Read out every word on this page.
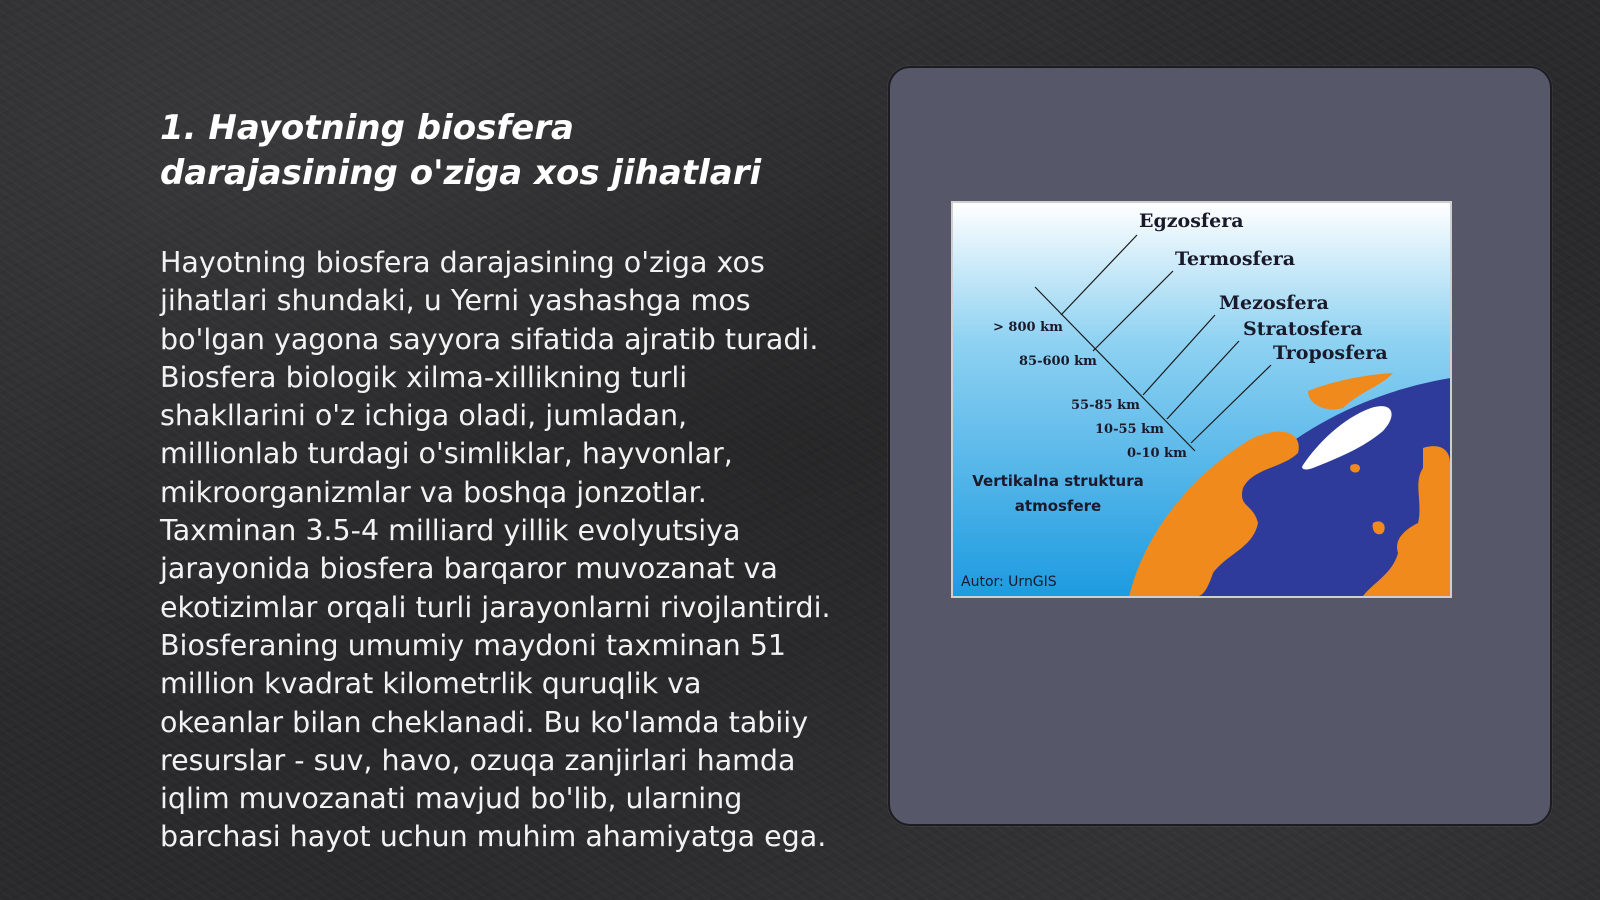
1. Hayotning biosfera darajasining o'ziga xos jihatlari

Hayotning biosfera darajasining o'ziga xos jihatlari shundaki, u Yerni yashashga mos bo'lgan yagona sayyora sifatida ajratib turadi. Biosfera biologik xilma-xillikning turli shakllarini o'z ichiga oladi, jumladan, millionlab turdagi o'simliklar, hayvonlar, mikroorganizmlar va boshqa jonzotlar. Taxminan 3.5-4 milliard yillik evolyutsiya jarayonida biosfera barqaror muvozanat va ekotizimlar orqali turli jarayonlarni rivojlantirdi. Biosferaning umumiy maydoni taxminan 51 million kvadrat kilometrlik quruqlik va okeanlar bilan cheklanadi. Bu ko'lamda tabiiy resurslar - suv, havo, ozuqa zanjirlari hamda iqlim muvozanati mavjud bo'lib, ularning barchasi hayot uchun muhim ahamiyatga ega.

Egzosfera
Termosfera
Mezosfera
Stratosfera
Troposfera
> 800 km
85-600 km
55-85 km
10-55 km
0-10 km
Vertikalna struktura
atmosfere
Autor: UrnGIS
